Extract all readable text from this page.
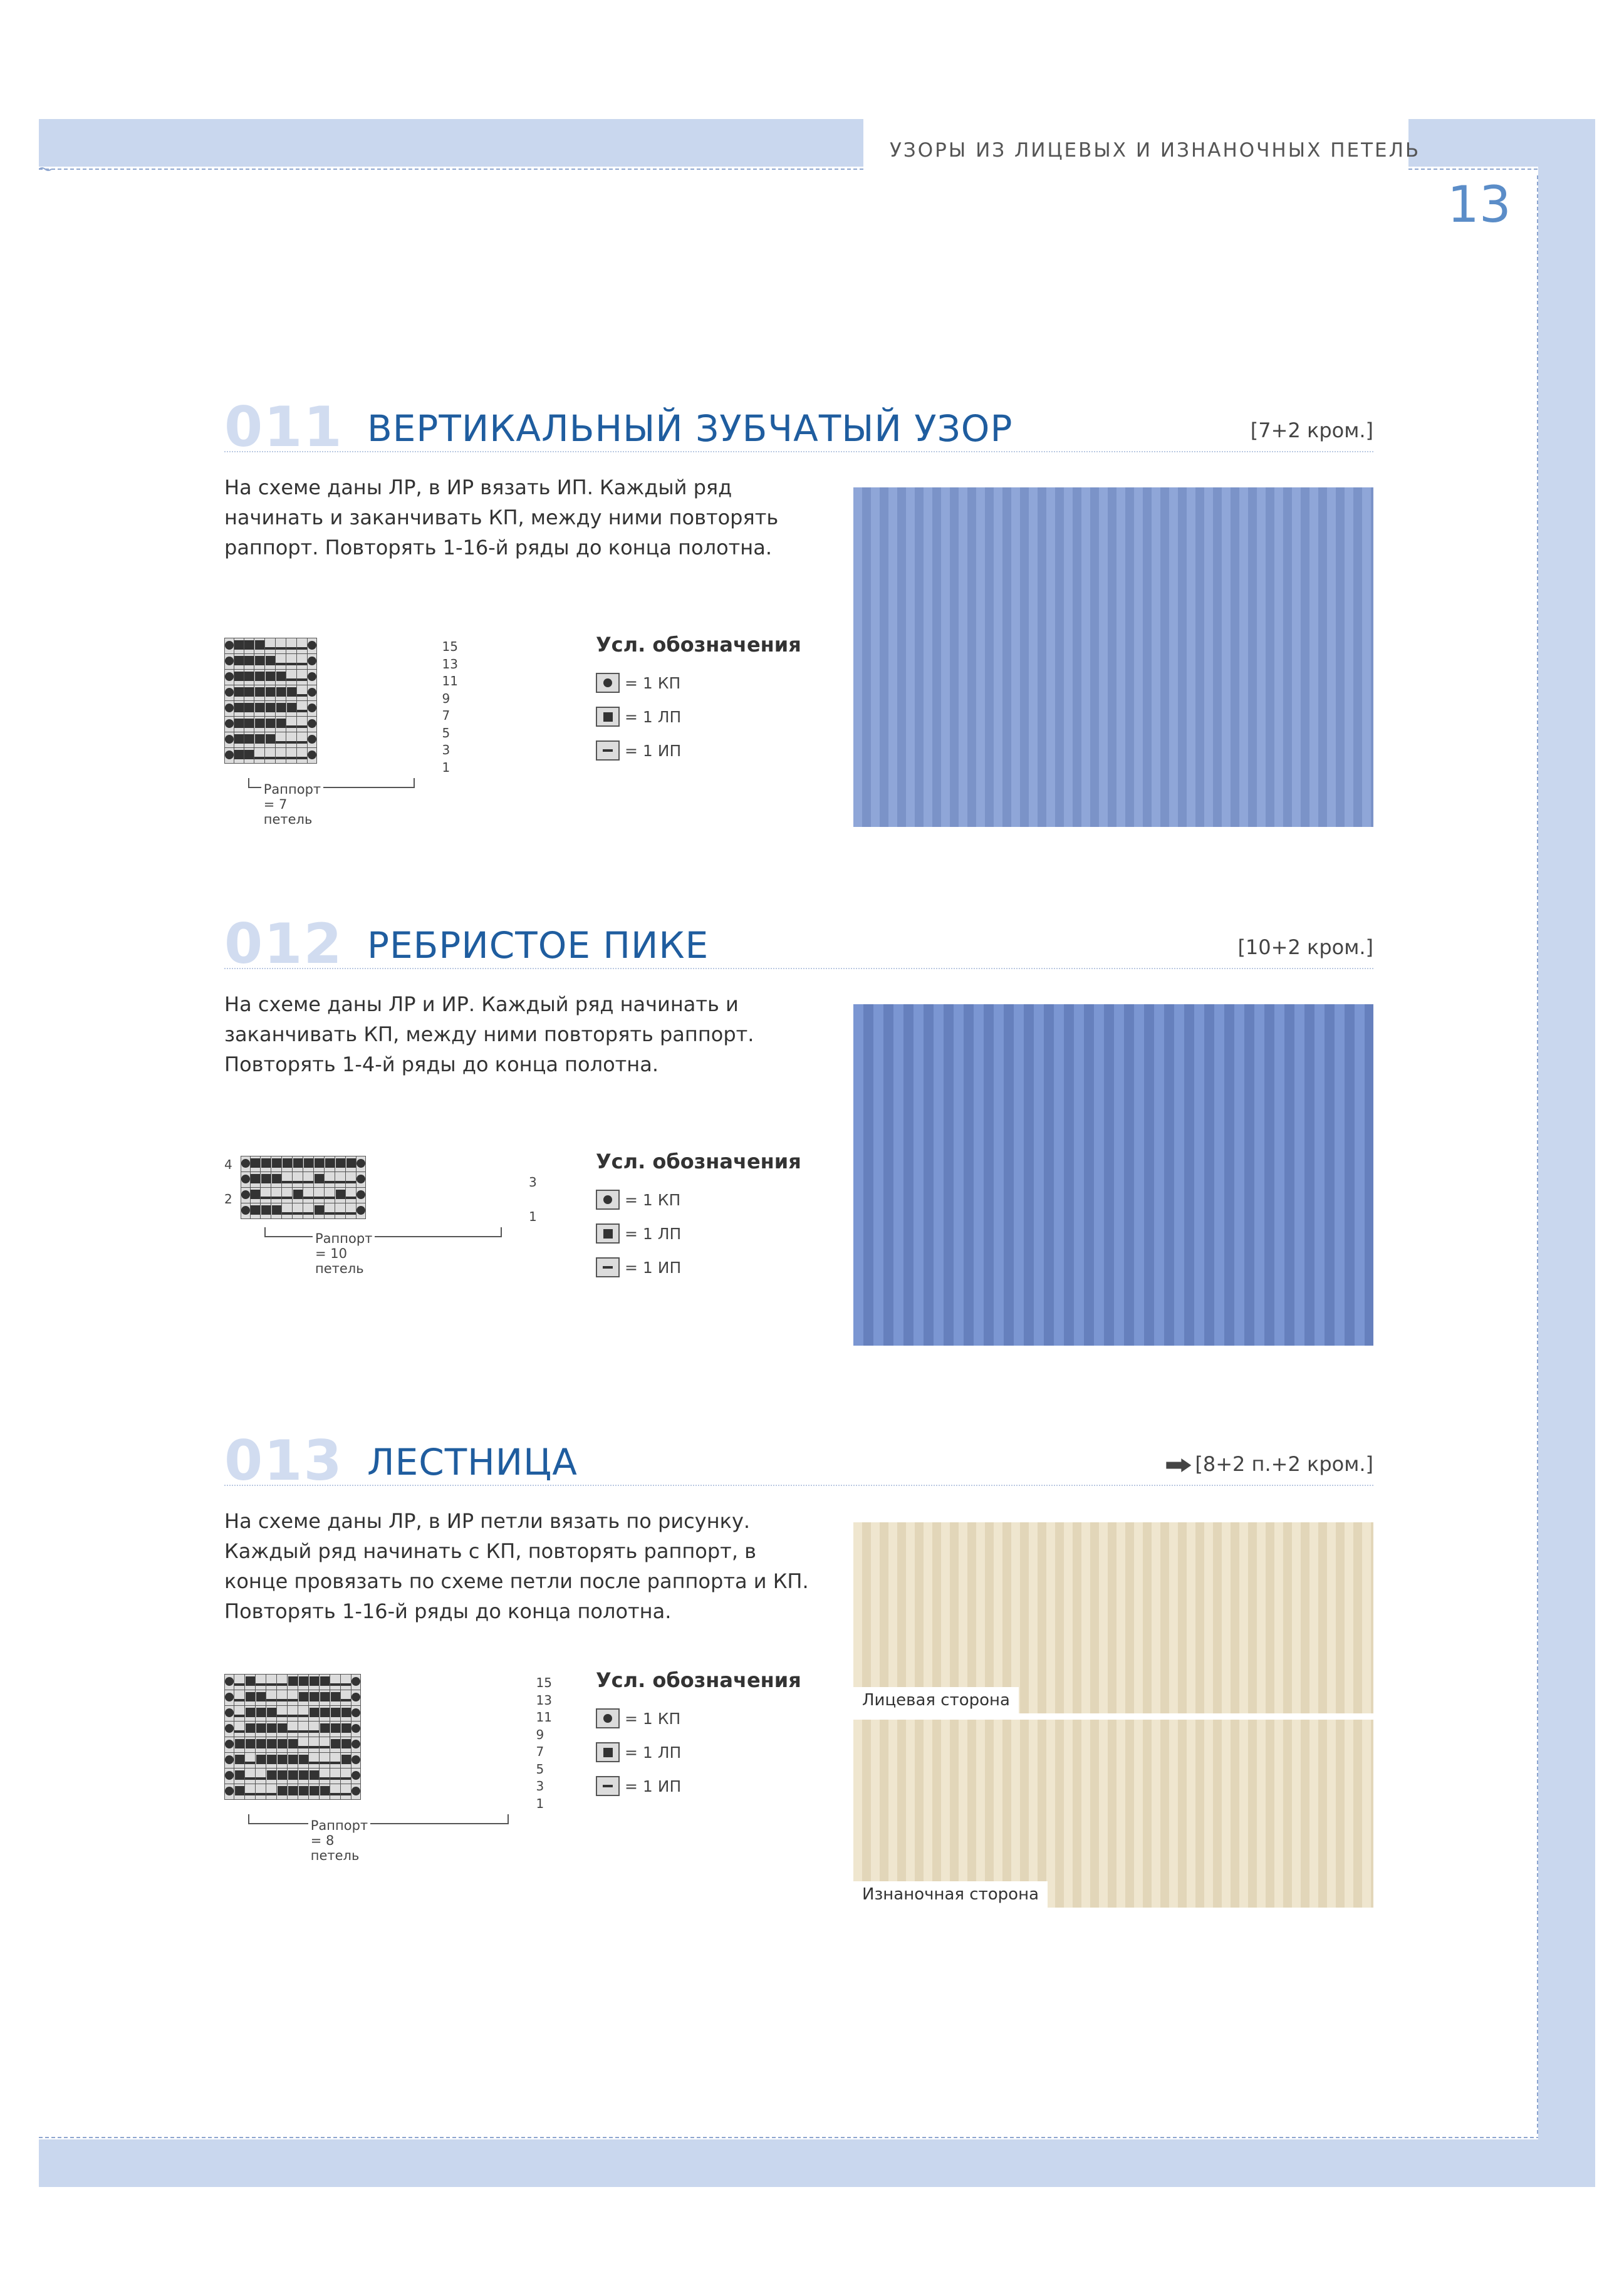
УЗОРЫ ИЗ ЛИЦЕВЫХ И ИЗНАНОЧНЫХ ПЕТЕЛЬ
13
011 ВЕРТИКАЛЬНЫЙ ЗУБЧАТЫЙ УЗОР	[7+2 кром.]
На схеме даны ЛР, в ИР вязать ИП. Каждый ряд начинать и заканчивать КП, между ними повторять раппорт. Повторять 1-16-й ряды до конца полотна.

15
13
11
9
7
5
3
1
Раппорт = 7 петель
Усл. обозначения
= 1 КП
= 1 ЛП
= 1 ИП
012 РЕБРИСТОЕ ПИКЕ	[10+2 кром.]
На схеме даны ЛР и ИР. Каждый ряд начинать и заканчивать КП, между ними повторять раппорт. Повторять 1-4-й ряды до конца полотна.

3
1
4
2
Раппорт = 10 петель
Усл. обозначения
= 1 КП
= 1 ЛП
= 1 ИП
013 ЛЕСТНИЦА	[8+2 п.+2 кром.]
На схеме даны ЛР, в ИР петли вязать по рисунку. Каждый ряд начинать с КП, повторять раппорт, в конце провязать по схеме петли после раппорта и КП. Повторять 1-16-й ряды до конца полотна.
Лицевая сторона
Изнаночная сторона

15
13
11
9
7
5
3
1
Раппорт = 8 петель
Усл. обозначения
= 1 КП
= 1 ЛП
= 1 ИП
